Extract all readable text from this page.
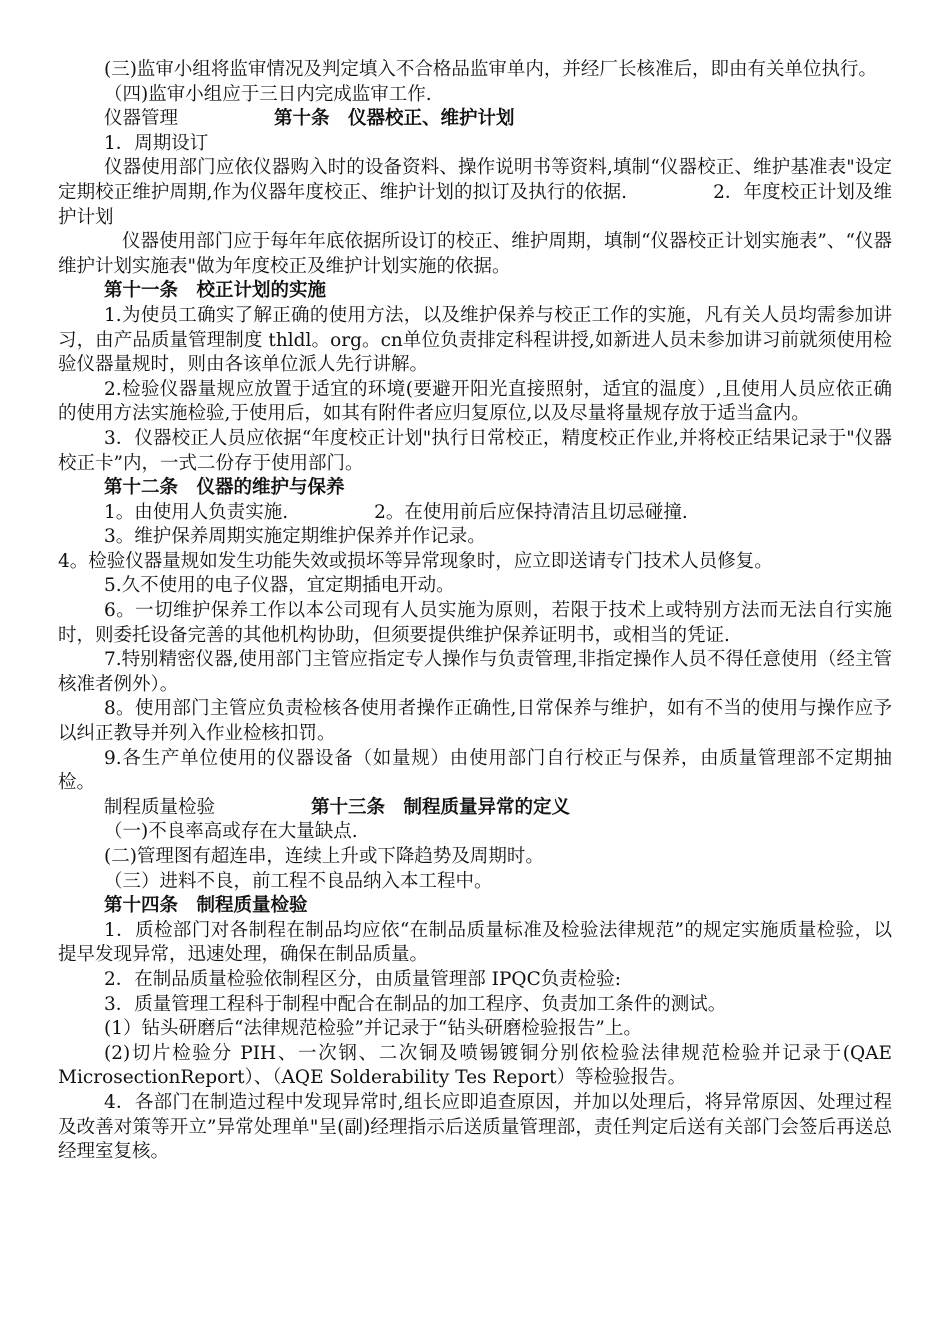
(三)监审小组将监审情况及判定填入不合格品监审单内，并经厂长核准后，即由有关单位执行。

（四)监审小组应于三日内完成监审工作.

仪器管理	第十条　仪器校正、维护计划

1．周期设订

仪器使用部门应依仪器购入时的设备资料、操作说明书等资料,填制“仪器校正、维护基准表"设定定期校正维护周期,作为仪器年度校正、维护计划的拟订及执行的依据.	2．年度校正计划及维护计划

仪器使用部门应于每年年底依据所设订的校正、维护周期，填制“仪器校正计划实施表”、“仪器维护计划实施表"做为年度校正及维护计划实施的依据。

第十一条　校正计划的实施

1.为使员工确实了解正确的使用方法，以及维护保养与校正工作的实施，凡有关人员均需参加讲习，由产品质量管理制度 thldl。org。cn单位负责排定科程讲授,如新进人员未参加讲习前就须使用检验仪器量规时，则由各该单位派人先行讲解。

2.检验仪器量规应放置于适宜的环境(要避开阳光直接照射，适宜的温度）,且使用人员应依正确的使用方法实施检验,于使用后，如其有附件者应归复原位,以及尽量将量规存放于适当盒内。

3．仪器校正人员应依据“年度校正计划"执行日常校正，精度校正作业,并将校正结果记录于"仪器校正卡”内，一式二份存于使用部门。

第十二条　仪器的维护与保养

1。由使用人负责实施.	2。在使用前后应保持清洁且切忌碰撞.

3。维护保养周期实施定期维护保养并作记录。

4。检验仪器量规如发生功能失效或损坏等异常现象时，应立即送请专门技术人员修复。

5.久不使用的电子仪器，宜定期插电开动。

6。一切维护保养工作以本公司现有人员实施为原则，若限于技术上或特别方法而无法自行实施时，则委托设备完善的其他机构协助，但须要提供维护保养证明书，或相当的凭证.

7.特别精密仪器,使用部门主管应指定专人操作与负责管理,非指定操作人员不得任意使用（经主管核准者例外）。

8。使用部门主管应负责检核各使用者操作正确性,日常保养与维护，如有不当的使用与操作应予以纠正教导并列入作业检核扣罚。

9.各生产单位使用的仪器设备（如量规）由使用部门自行校正与保养，由质量管理部不定期抽检。

制程质量检验	第十三条　制程质量异常的定义

（一)不良率高或存在大量缺点.

(二)管理图有超连串，连续上升或下降趋势及周期时。

（三）进料不良，前工程不良品纳入本工程中。

第十四条　制程质量检验

1．质检部门对各制程在制品均应依“在制品质量标准及检验法律规范”的规定实施质量检验，以提早发现异常，迅速处理，确保在制品质量。

2．在制品质量检验依制程区分，由质量管理部 IPQC负责检验:

3．质量管理工程科于制程中配合在制品的加工程序、负责加工条件的测试。

(1）钻头研磨后“法律规范检验”并记录于“钻头研磨检验报告”上。

(2)切片检验分 PIH、一次钢、二次铜及喷锡镀铜分别依检验法律规范检验并记录于(QAE MicrosectionReport）、（AQE Solderability Tes Report）等检验报告。

4．各部门在制造过程中发现异常时,组长应即追查原因，并加以处理后，将异常原因、处理过程及改善对策等开立”异常处理单"呈(副)经理指示后送质量管理部，责任判定后送有关部门会签后再送总经理室复核。
